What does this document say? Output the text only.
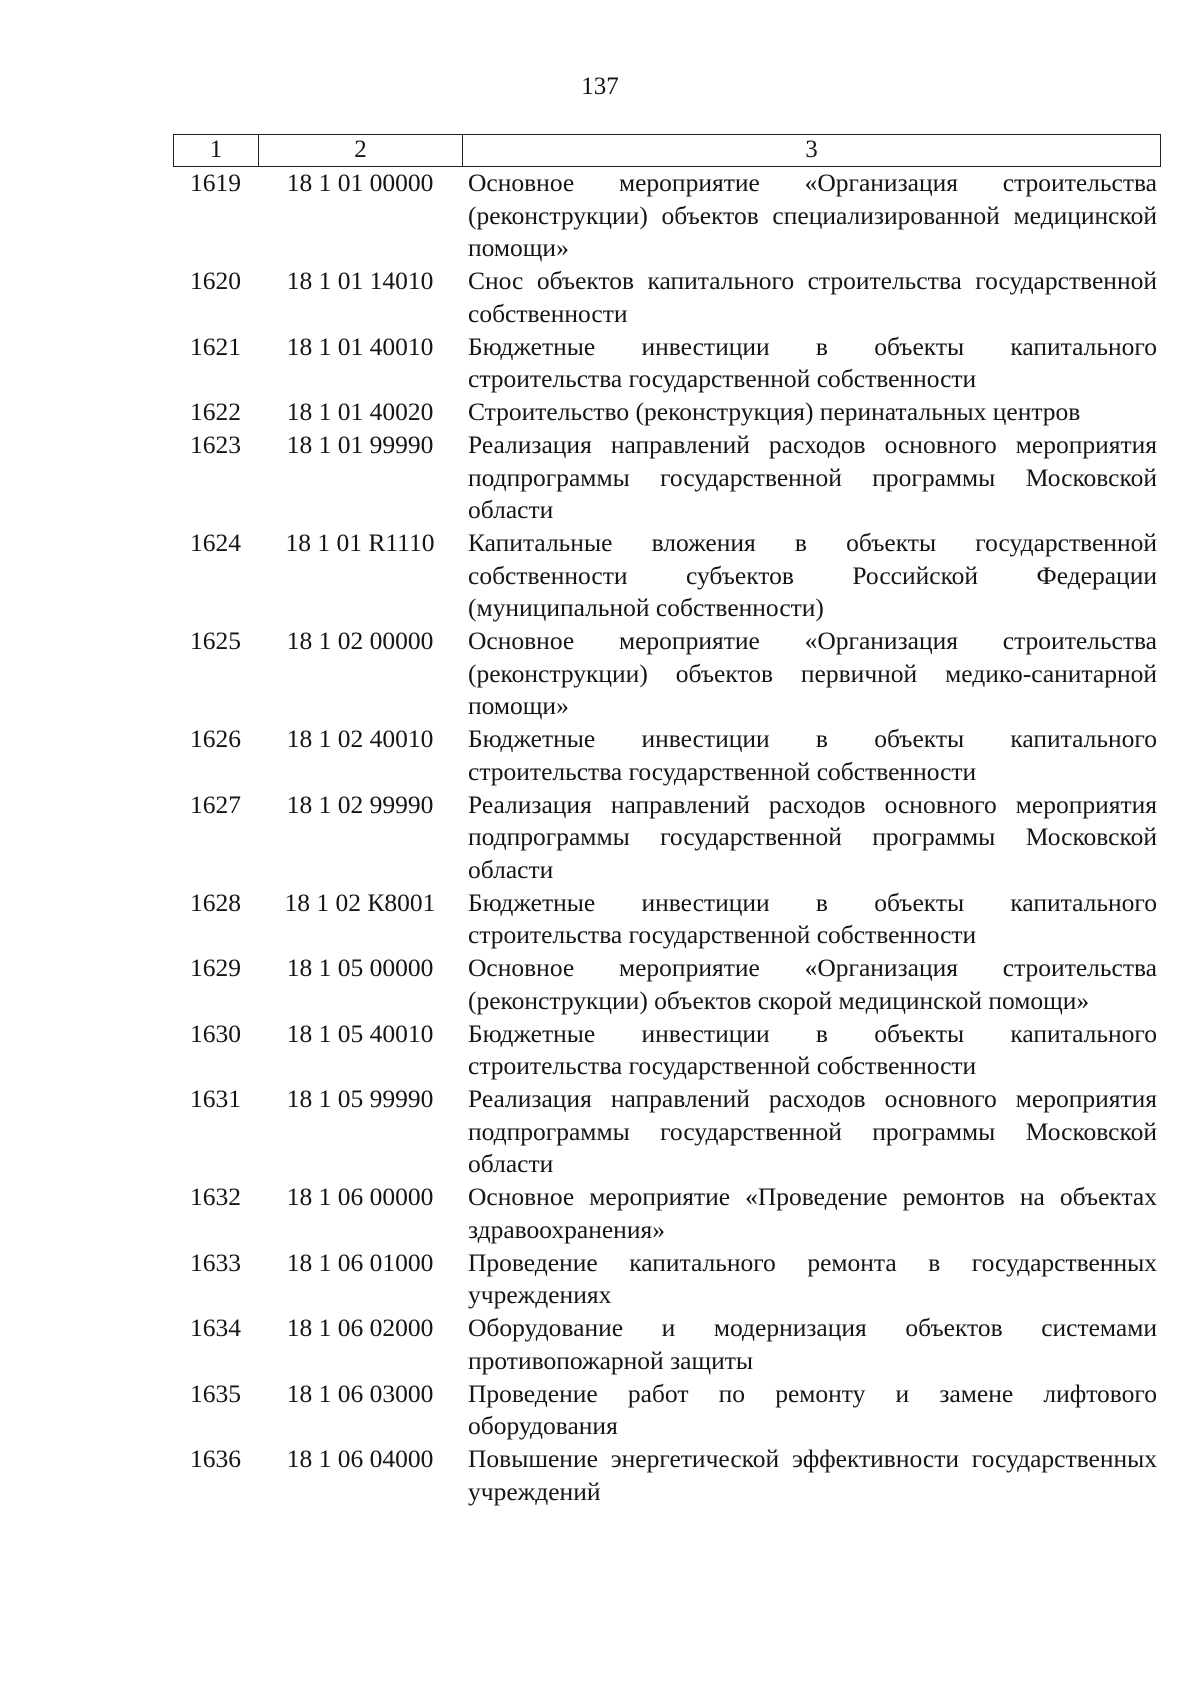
137
1	2	3
1619	18 1 01 00000	Основное мероприятие «Организация строительства (реконструкции) объектов специализированной медицинской помощи»
1620	18 1 01 14010	Снос объектов капитального строительства государственной собственности
1621	18 1 01 40010	Бюджетные инвестиции в объекты капитального строительства государственной собственности
1622	18 1 01 40020	Строительство (реконструкция) перинатальных центров
1623	18 1 01 99990	Реализация направлений расходов основного мероприятия подпрограммы государственной программы Московской области
1624	18 1 01 R1110	Капитальные вложения в объекты государственной собственности субъектов Российской Федерации (муниципальной собственности)
1625	18 1 02 00000	Основное мероприятие «Организация строительства (реконструкции) объектов первичной медико-санитарной помощи»
1626	18 1 02 40010	Бюджетные инвестиции в объекты капитального строительства государственной собственности
1627	18 1 02 99990	Реализация направлений расходов основного мероприятия подпрограммы государственной программы Московской области
1628	18 1 02 К8001	Бюджетные инвестиции в объекты капитального строительства государственной собственности
1629	18 1 05 00000	Основное мероприятие «Организация строительства (реконструкции) объектов скорой медицинской помощи»
1630	18 1 05 40010	Бюджетные инвестиции в объекты капитального строительства государственной собственности
1631	18 1 05 99990	Реализация направлений расходов основного мероприятия подпрограммы государственной программы Московской области
1632	18 1 06 00000	Основное мероприятие «Проведение ремонтов на объектах здравоохранения»
1633	18 1 06 01000	Проведение капитального ремонта в государственных учреждениях
1634	18 1 06 02000	Оборудование и модернизация объектов системами противопожарной защиты
1635	18 1 06 03000	Проведение работ по ремонту и замене лифтового оборудования
1636	18 1 06 04000	Повышение энергетической эффективности государственных учреждений
